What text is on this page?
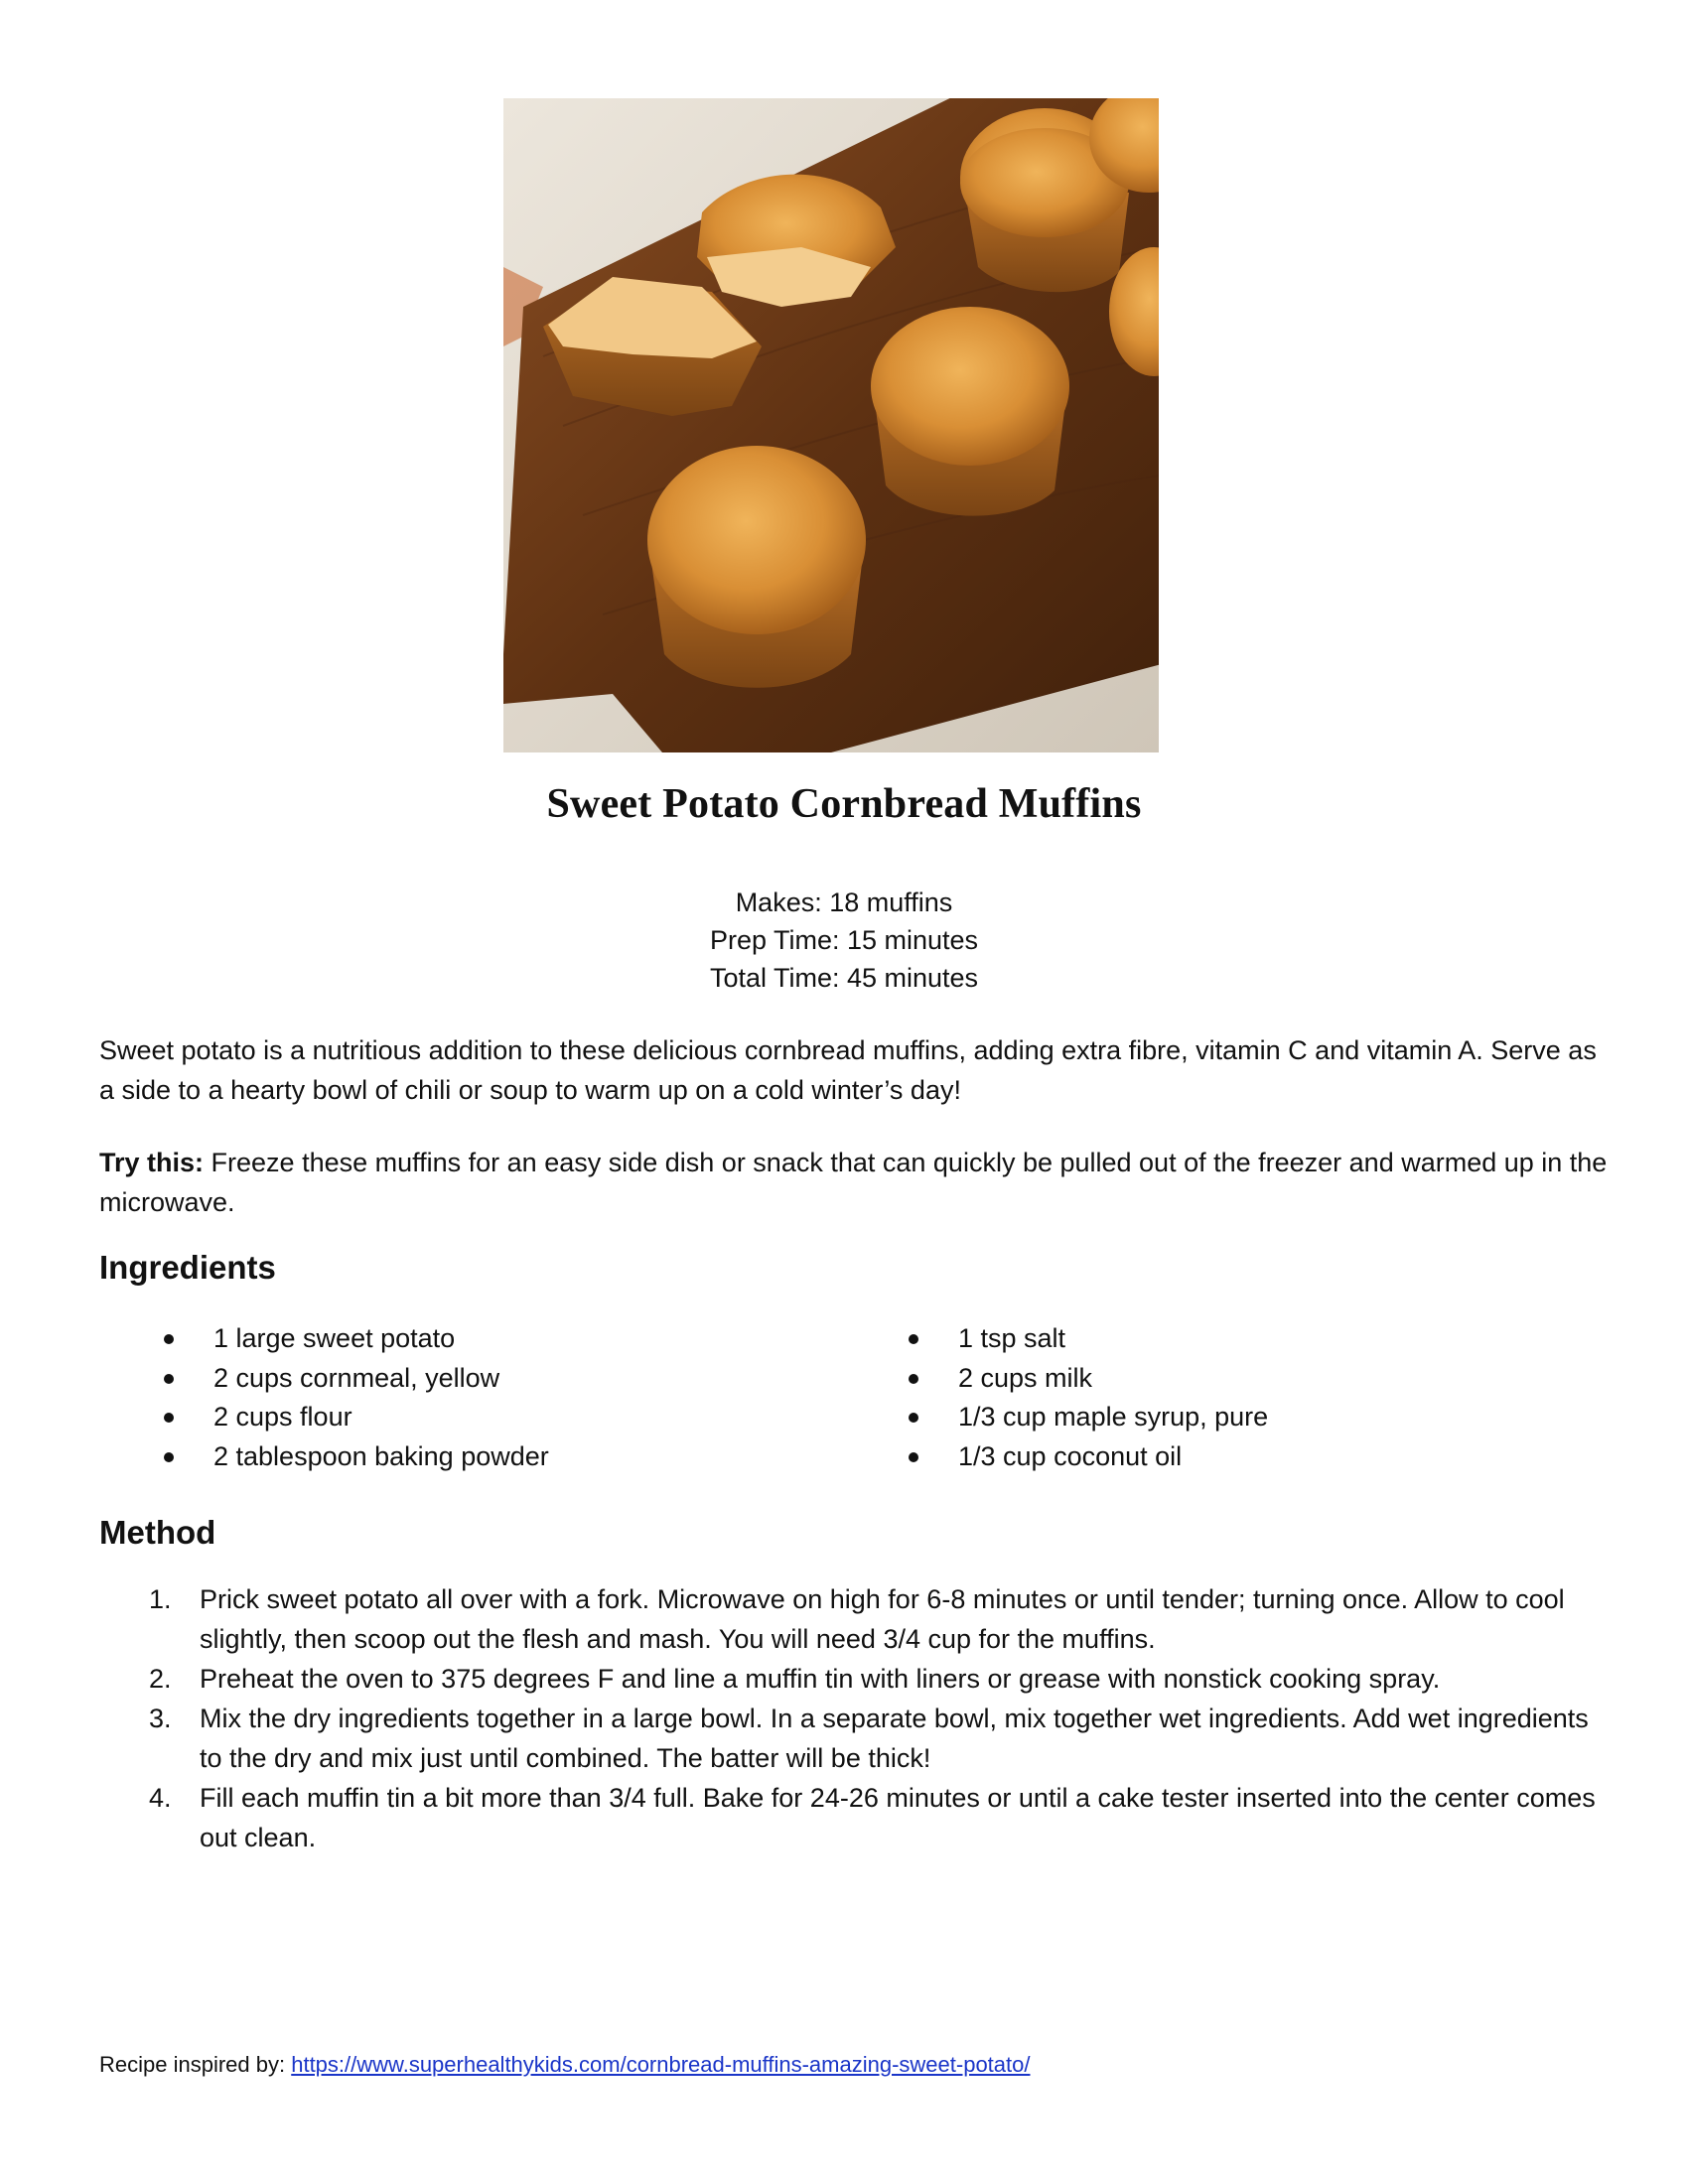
Sweet Potato Cornbread Muffins
Makes: 18 muffins
Prep Time: 15 minutes
Total Time: 45 minutes
Sweet potato is a nutritious addition to these delicious cornbread muffins, adding extra fibre, vitamin C and vitamin A. Serve as a side to a hearty bowl of chili or soup to warm up on a cold winter’s day!
Try this: Freeze these muffins for an easy side dish or snack that can quickly be pulled out of the freezer and warmed up in the microwave.
Ingredients
1 large sweet potato
2 cups cornmeal, yellow
2 cups flour
2 tablespoon baking powder
1 tsp salt
2 cups milk
1/3 cup maple syrup, pure
1/3 cup coconut oil
Method
1. Prick sweet potato all over with a fork. Microwave on high for 6-8 minutes or until tender; turning once. Allow to cool slightly, then scoop out the flesh and mash. You will need 3/4 cup for the muffins.
2. Preheat the oven to 375 degrees F and line a muffin tin with liners or grease with nonstick cooking spray.
3. Mix the dry ingredients together in a large bowl. In a separate bowl, mix together wet ingredients. Add wet ingredients to the dry and mix just until combined. The batter will be thick!
4. Fill each muffin tin a bit more than 3/4 full. Bake for 24-26 minutes or until a cake tester inserted into the center comes out clean.
Recipe inspired by: https://www.superhealthykids.com/cornbread-muffins-amazing-sweet-potato/
